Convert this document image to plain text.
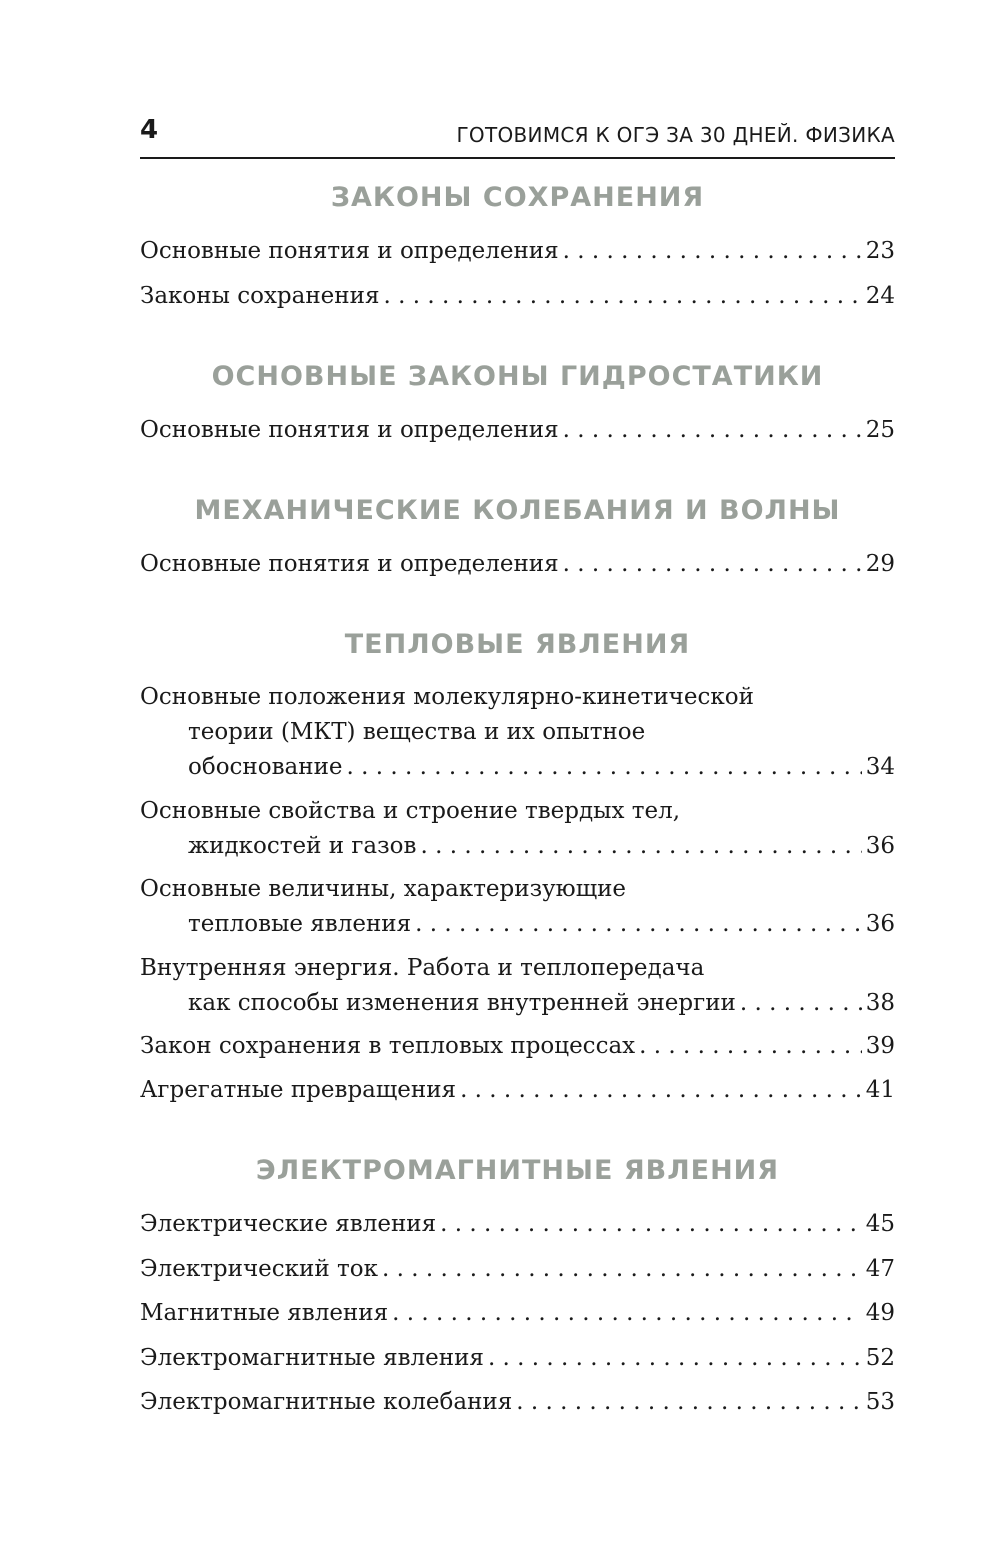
4	ГОТОВИМСЯ К ОГЭ ЗА 30 ДНЕЙ. ФИЗИКА
ЗАКОНЫ СОХРАНЕНИЯ
Основные понятия и определения . . .	23
Законы сохранения . . .	24
ОСНОВНЫЕ ЗАКОНЫ ГИДРОСТАТИКИ
Основные понятия и определения . . .	25
МЕХАНИЧЕСКИЕ КОЛЕБАНИЯ И ВОЛНЫ
Основные понятия и определения . . .	29
ТЕПЛОВЫЕ ЯВЛЕНИЯ
Основные положения молекулярно-кинетической
теории (МКТ) вещества и их опытное
обоснование . . .	34
Основные свойства и строение твердых тел,
жидкостей и газов . . .	36
Основные величины, характеризующие
тепловые явления . . .	36
Внутренняя энергия. Работа и теплопередача
как способы изменения внутренней энергии . . .	38
Закон сохранения в тепловых процессах . . .	39
Агрегатные превращения . . .	41
ЭЛЕКТРОМАГНИТНЫЕ ЯВЛЕНИЯ
Электрические явления . . .	45
Электрический ток . . .	47
Магнитные явления . . .	49
Электромагнитные явления . . .	52
Электромагнитные колебания . . .	53
